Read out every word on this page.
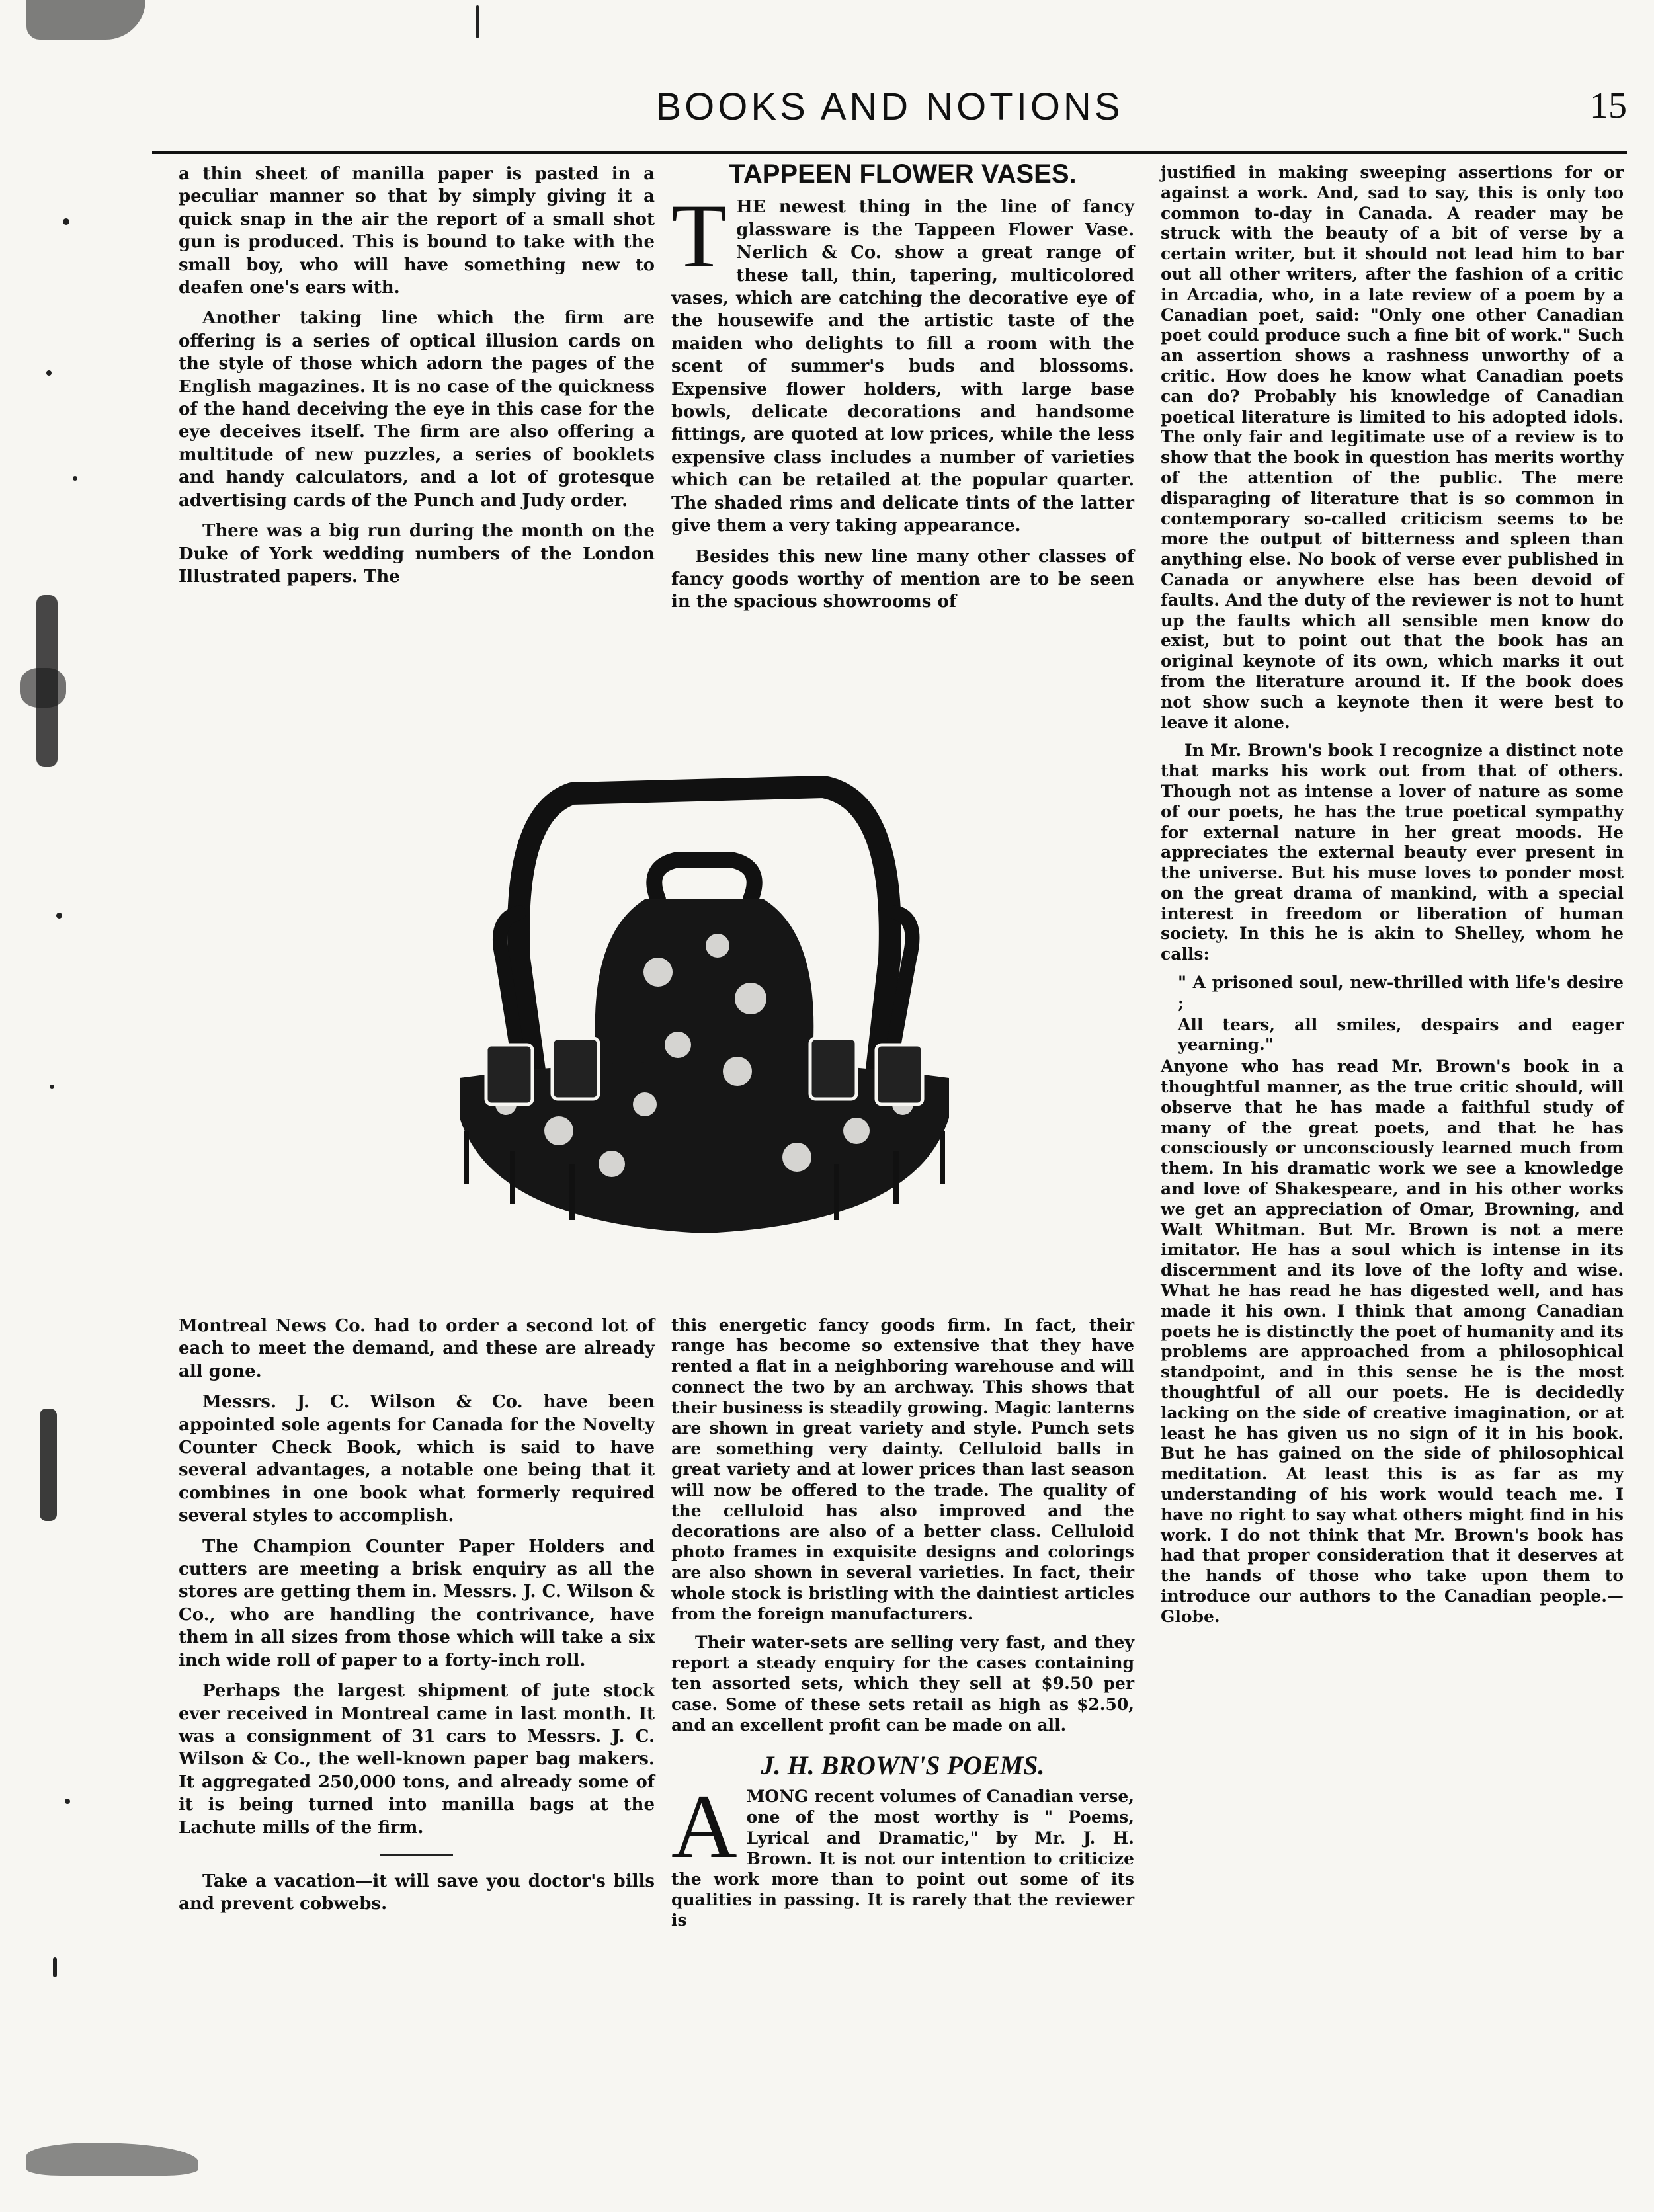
BOOKS AND NOTIONS	15

a thin sheet of manilla paper is pasted in a peculiar manner so that by simply giving it a quick snap in the air the report of a small shot gun is produced. This is bound to take with the small boy, who will have something new to deafen one's ears with.

Another taking line which the firm are offering is a series of optical illusion cards on the style of those which adorn the pages of the English magazines. It is no case of the quickness of the hand deceiving the eye in this case for the eye deceives itself. The firm are also offering a multitude of new puzzles, a series of booklets and handy calculators, and a lot of grotesque advertising cards of the Punch and Judy order.

There was a big run during the month on the Duke of York wedding numbers of the London Illustrated papers. The

TAPPEEN FLOWER VASES.

THE newest thing in the line of fancy glassware is the Tappeen Flower Vase. Nerlich & Co. show a great range of these tall, thin, tapering, multicolored vases, which are catching the decorative eye of the housewife and the artistic taste of the maiden who delights to fill a room with the scent of summer's buds and blossoms. Expensive flower holders, with large base bowls, delicate decorations and handsome fittings, are quoted at low prices, while the less expensive class includes a number of varieties which can be retailed at the popular quarter. The shaded rims and delicate tints of the latter give them a very taking appearance.

Besides this new line many other classes of fancy goods worthy of mention are to be seen in the spacious showrooms of

justified in making sweeping assertions for or against a work. And, sad to say, this is only too common to-day in Canada. A reader may be struck with the beauty of a bit of verse by a certain writer, but it should not lead him to bar out all other writers, after the fashion of a critic in Arcadia, who, in a late review of a poem by a Canadian poet, said: "Only one other Canadian poet could produce such a fine bit of work." Such an assertion shows a rashness unworthy of a critic. How does he know what Canadian poets can do? Probably his knowledge of Canadian poetical literature is limited to his adopted idols. The only fair and legitimate use of a review is to show that the book in question has merits worthy of the attention of the public. The mere disparaging of literature that is so common in contemporary so-called criticism seems to be more the output of bitterness and spleen than anything else. No book of verse ever published in Canada or anywhere else has been devoid of faults. And the duty of the reviewer is not to hunt up the faults which all sensible men know do exist, but to point out that the book has an original keynote of its own, which marks it out from the literature around it. If the book does not show such a keynote then it were best to leave it alone.

In Mr. Brown's book I recognize a distinct note that marks his work out from that of others. Though not as intense a lover of nature as some of our poets, he has the true poetical sympathy for external nature in her great moods. He appreciates the external beauty ever present in the universe. But his muse loves to ponder most on the great drama of mankind, with a special interest in freedom or liberation of human society. In this he is akin to Shelley, whom he calls:

" A prisoned soul, new-thrilled with life's desire ;

All tears, all smiles, despairs and eager yearning."

Anyone who has read Mr. Brown's book in a thoughtful manner, as the true critic should, will observe that he has made a faithful study of many of the great poets, and that he has consciously or unconsciously learned much from them. In his dramatic work we see a knowledge and love of Shakespeare, and in his other works we get an appreciation of Omar, Browning, and Walt Whitman. But Mr. Brown is not a mere imitator. He has a soul which is intense in its discernment and its love of the lofty and wise. What he has read he has digested well, and has made it his own. I think that among Canadian poets he is distinctly the poet of humanity and its problems are approached from a philosophical standpoint, and in this sense he is the most thoughtful of all our poets. He is decidedly lacking on the side of creative imagination, or at least he has given us no sign of it in his book. But he has gained on the side of philosophical meditation. At least this is as far as my understanding of his work would teach me. I have no right to say what others might find in his work. I do not think that Mr. Brown's book has had that proper consideration that it deserves at the hands of those who take upon them to introduce our authors to the Canadian people.—Globe.

Montreal News Co. had to order a second lot of each to meet the demand, and these are already all gone.

Messrs. J. C. Wilson & Co. have been appointed sole agents for Canada for the Novelty Counter Check Book, which is said to have several advantages, a notable one being that it combines in one book what formerly required several styles to accomplish.

The Champion Counter Paper Holders and cutters are meeting a brisk enquiry as all the stores are getting them in. Messrs. J. C. Wilson & Co., who are handling the contrivance, have them in all sizes from those which will take a six inch wide roll of paper to a forty-inch roll.

Perhaps the largest shipment of jute stock ever received in Montreal came in last month. It was a consignment of 31 cars to Messrs. J. C. Wilson & Co., the well-known paper bag makers. It aggregated 250,000 tons, and already some of it is being turned into manilla bags at the Lachute mills of the firm.

Take a vacation—it will save you doctor's bills and prevent cobwebs.

this energetic fancy goods firm. In fact, their range has become so extensive that they have rented a flat in a neighboring warehouse and will connect the two by an archway. This shows that their business is steadily growing. Magic lanterns are shown in great variety and style. Punch sets are something very dainty. Celluloid balls in great variety and at lower prices than last season will now be offered to the trade. The quality of the celluloid has also improved and the decorations are also of a better class. Celluloid photo frames in exquisite designs and colorings are also shown in several varieties. In fact, their whole stock is bristling with the daintiest articles from the foreign manufacturers.

Their water-sets are selling very fast, and they report a steady enquiry for the cases containing ten assorted sets, which they sell at $9.50 per case. Some of these sets retail as high as $2.50, and an excellent profit can be made on all.

J. H. BROWN'S POEMS.

AMONG recent volumes of Canadian verse, one of the most worthy is " Poems, Lyrical and Dramatic," by Mr. J. H. Brown. It is not our intention to criticize the work more than to point out some of its qualities in passing. It is rarely that the reviewer is
